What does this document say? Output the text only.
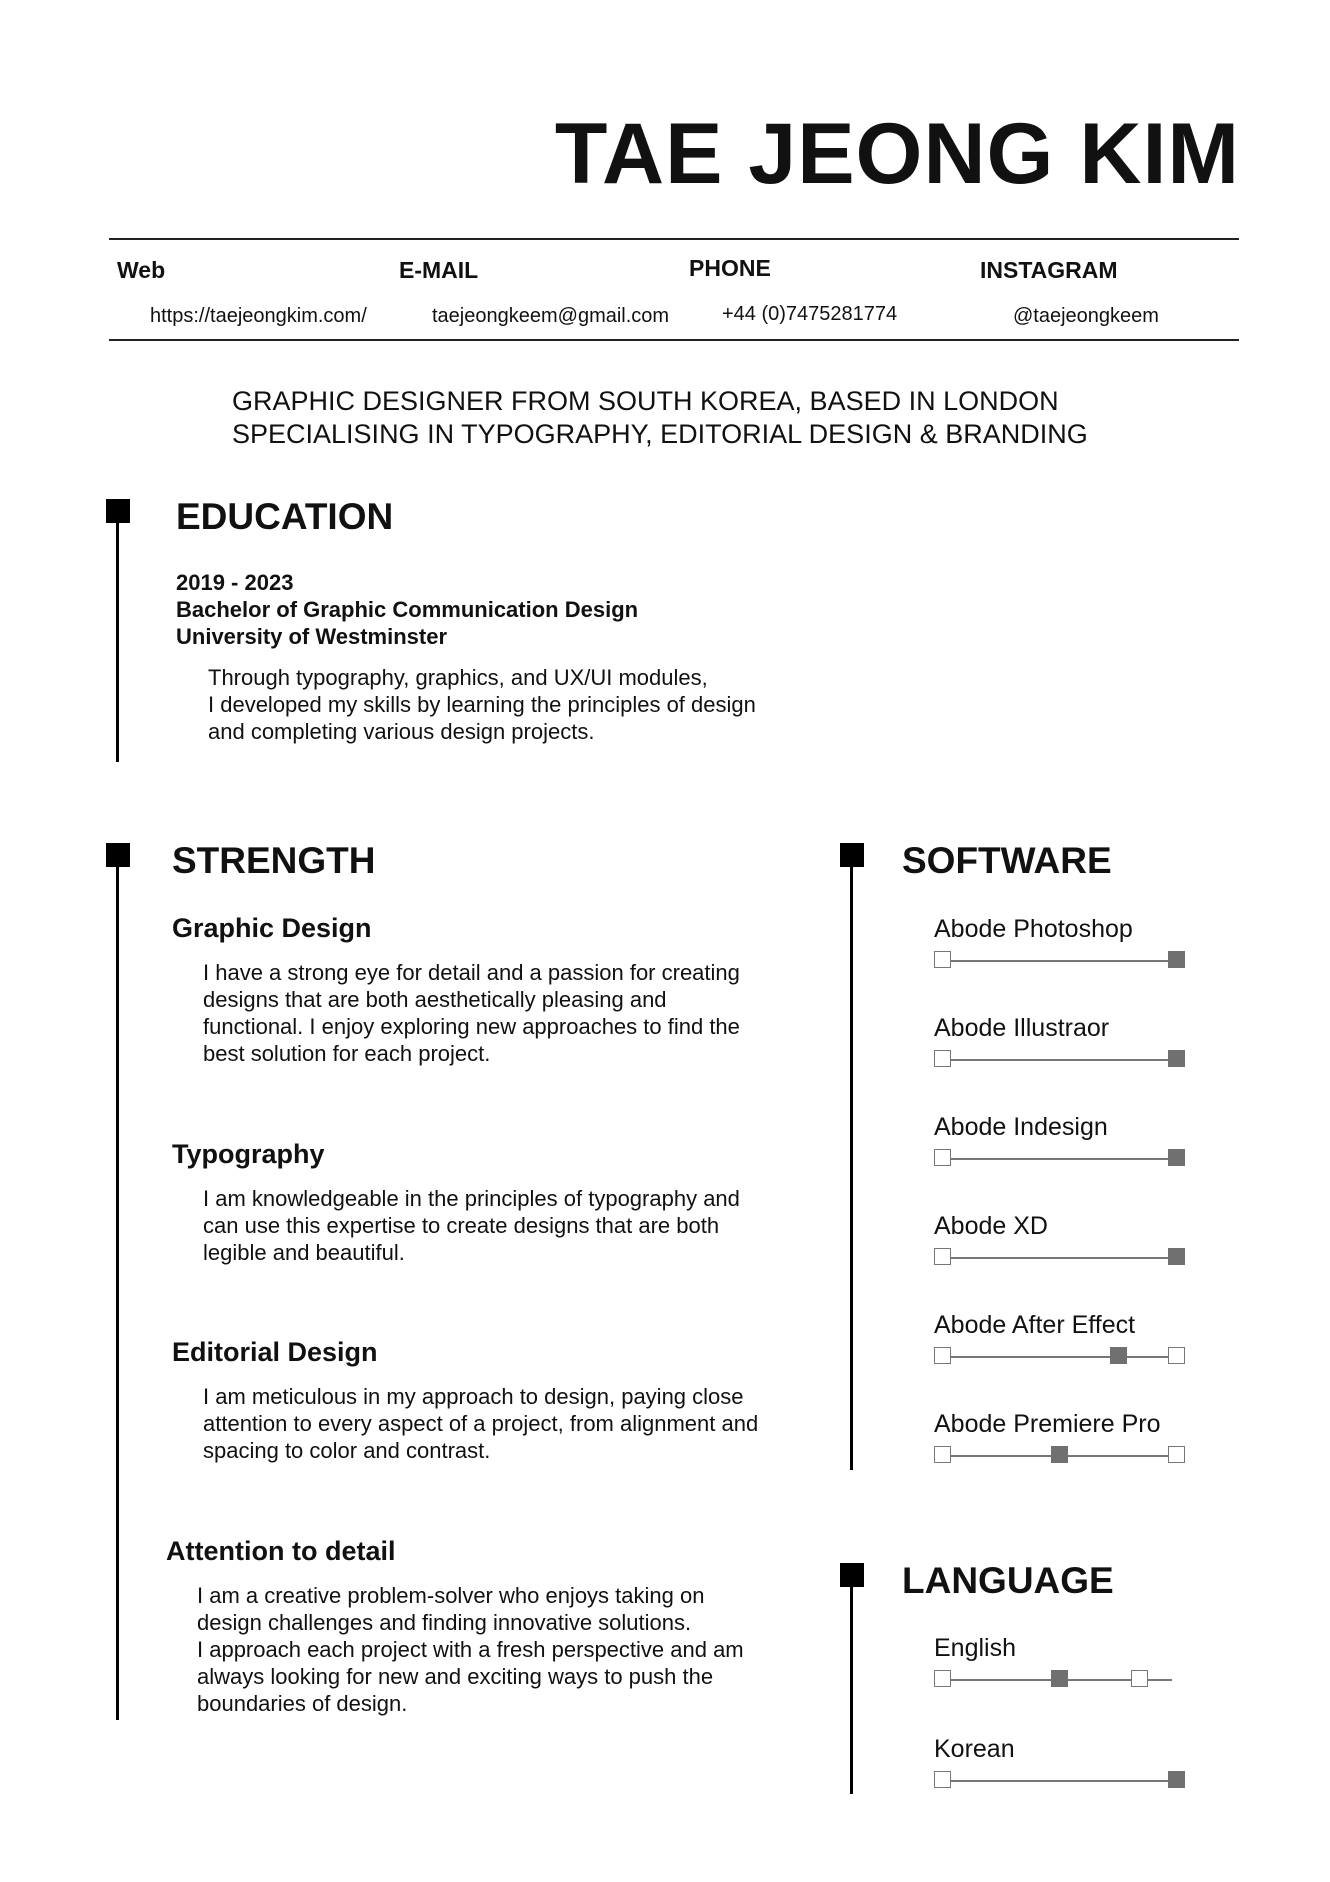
TAE JEONG KIM
Web	E-MAIL	PHONE	INSTAGRAM
https://taejeongkim.com/	taejeongkeem@gmail.com	+44 (0)7475281774	@taejeongkeem
GRAPHIC DESIGNER FROM SOUTH KOREA, BASED IN LONDON
SPECIALISING IN TYPOGRAPHY, EDITORIAL DESIGN & BRANDING
EDUCATION
2019 - 2023
Bachelor of Graphic Communication Design
University of Westminster
Through typography, graphics, and UX/UI modules,
I developed my skills by learning the principles of design
and completing various design projects.
STRENGTH
Graphic Design
I have a strong eye for detail and a passion for creating
designs that are both aesthetically pleasing and
functional. I enjoy exploring new approaches to find the
best solution for each project.
Typography
I am knowledgeable in the principles of typography and
can use this expertise to create designs that are both
legible and beautiful.
Editorial Design
I am meticulous in my approach to design, paying close
attention to every aspect of a project, from alignment and
spacing to color and contrast.
Attention to detail
I am a creative problem-solver who enjoys taking on
design challenges and finding innovative solutions.
I approach each project with a fresh perspective and am
always looking for new and exciting ways to push the
boundaries of design.
SOFTWARE
Abode Photoshop
Abode Illustraor
Abode Indesign
Abode XD
Abode After Effect
Abode Premiere Pro
LANGUAGE
English
Korean
